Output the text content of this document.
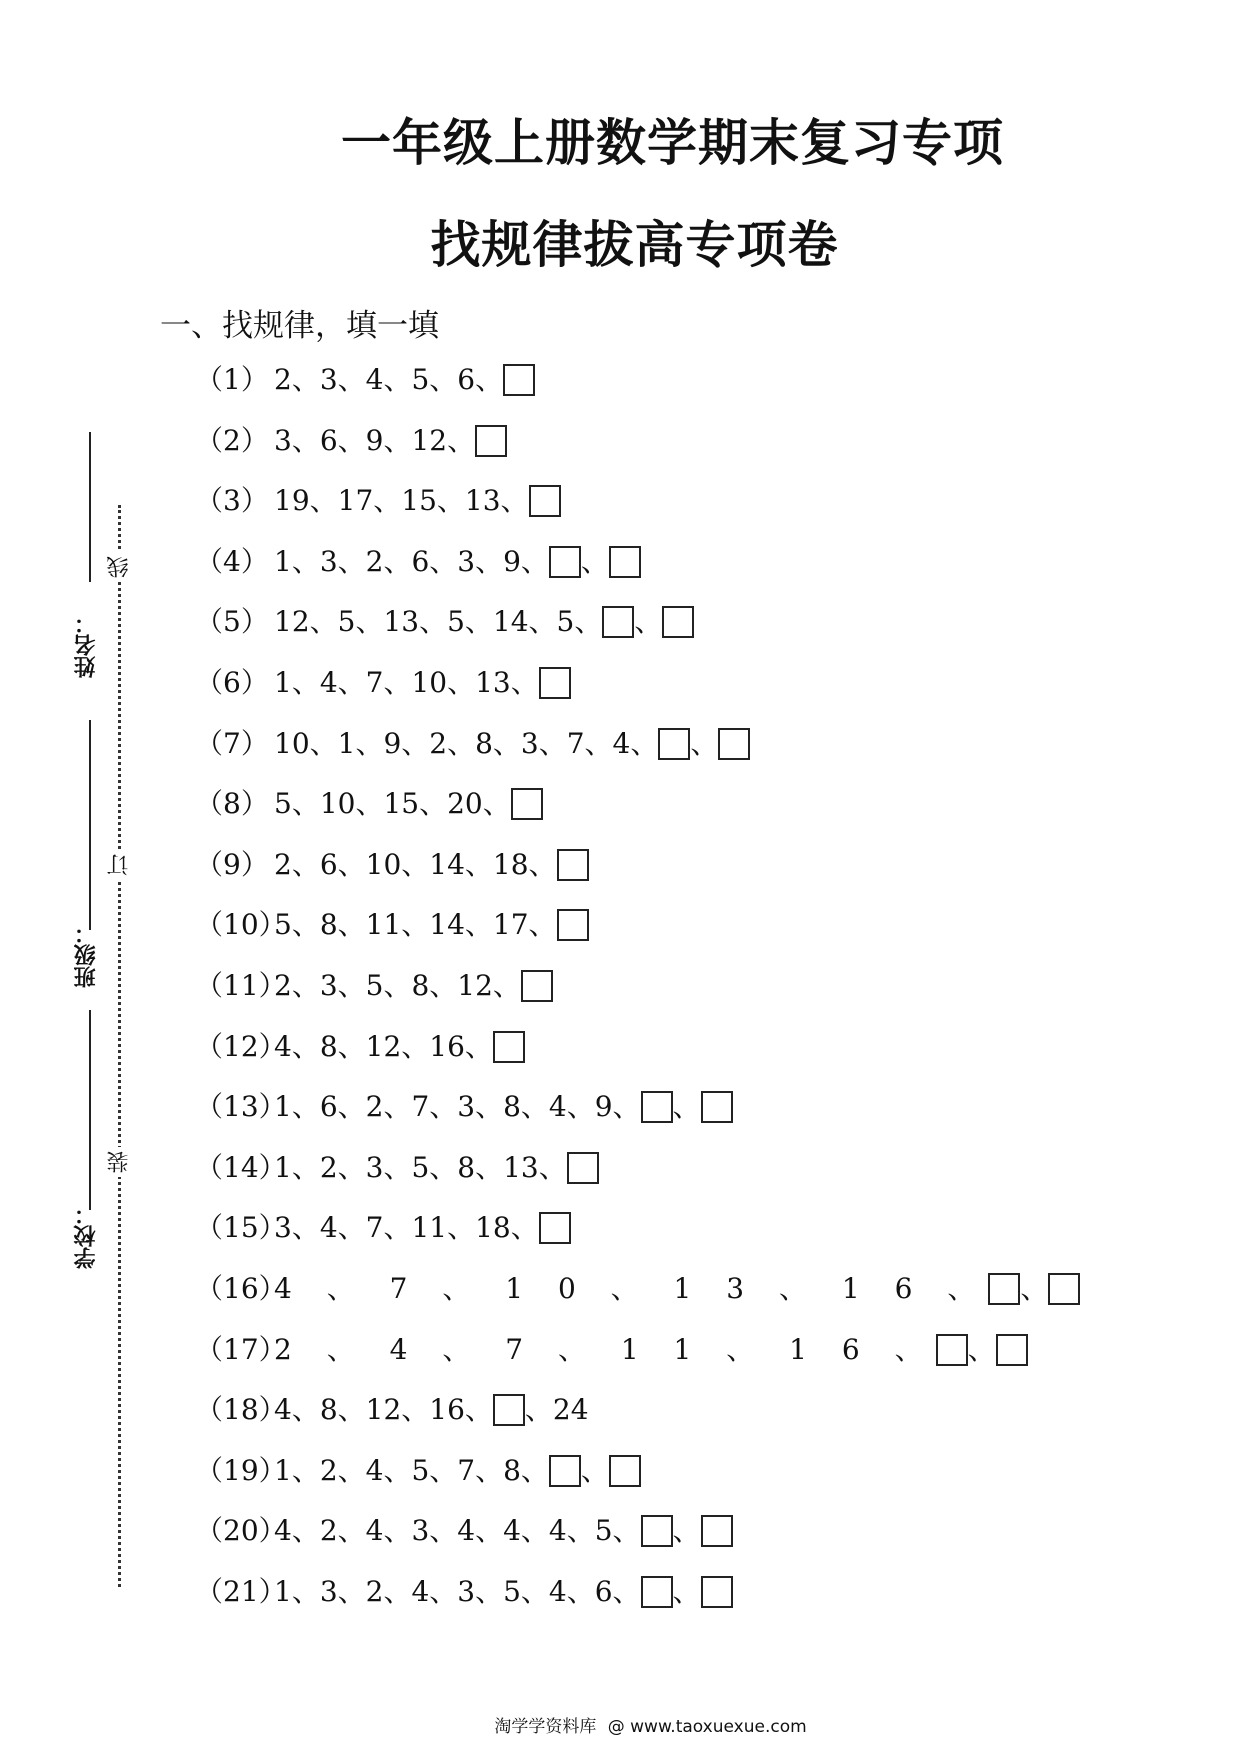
一年级上册数学期末复习专项
找规律拔高专项卷
一、找规律，填一填
（1） 2、3、4、5、6、
（2） 3、6、9、12、
（3） 19、17、15、13、
（4） 1、3、2、6、3、9、 、
（5） 12、5、13、5、14、5、 、
（6） 1、4、7、10、13、
（7） 10、1、9、2、8、3、7、4、 、
（8） 5、10、15、20、
（9） 2、6、10、14、18、
（10）
5、8、11、14、17、
（11）
2、3、5、8、12、
（12）
4、8、12、16、
（13）
1、6、2、7、3、8、4、9、 、
（14）
1、2、3、5、8、13、
（15）
3、4、7、11、18、
（16）
4 、 7 、 1 0 、 1 3 、 1 6 、 、
（17）
2 、 4 、 7 、 1 1 、 1 6 、 、
（18）
4、8、12、16、 、24
（19）
1、2、4、5、7、8、 、
（20）
4、2、4、3、4、4、4、5、 、
（21）
1、3、2、4、3、5、4、6、 、
姓名：
班级：
学校：
线
订
装
淘学学资料库 @ www.taoxuexue.com
